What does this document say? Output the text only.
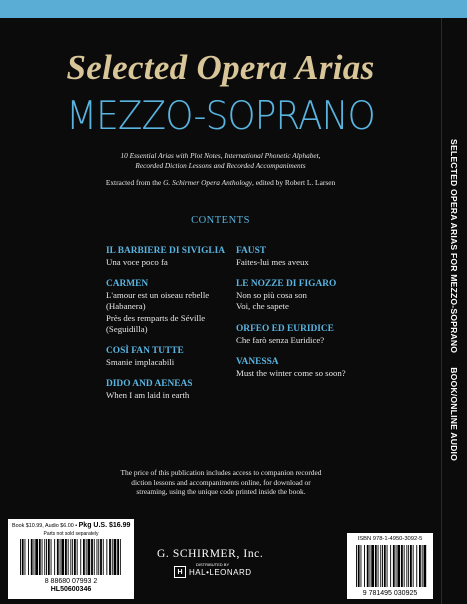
Selected Opera Arias
MEZZO-SOPRANO
10 Essential Arias with Plot Notes, International Phonetic Alphabet,
Recorded Diction Lessons and Recorded Accompaniments
Extracted from the G. Schirmer Opera Anthology, edited by Robert L. Larsen
CONTENTS
IL BARBIERE DI SIVIGLIA
Una voce poco fa
CARMEN
L'amour est un oiseau rebelle
(Habanera)
Près des remparts de Séville
(Seguidilla)
COSÌ FAN TUTTE
Smanie implacabili
DIDO AND AENEAS
When I am laid in earth
FAUST
Faites-lui mes aveux
LE NOZZE DI FIGARO
Non so più cosa son
Voi, che sapete
ORFEO ED EURIDICE
Che farò senza Euridice?
VANESSA
Must the winter come so soon?
The price of this publication includes access to companion recorded
diction lessons and accompaniments online, for download or
streaming, using the unique code printed inside the book.
Book $10.99, Audio $6.00 • Pkg U.S. $16.99
Parts not sold separately
8 88680 07993 2
HL50600346
G. SCHIRMER, Inc.
DISTRIBUTED BY
H HAL•LEONARD
ISBN 978-1-4950-3092-5
9 781495 030925
SELECTED OPERA ARIAS FOR MEZZO-SOPRANOBOOK/ONLINE AUDIO
